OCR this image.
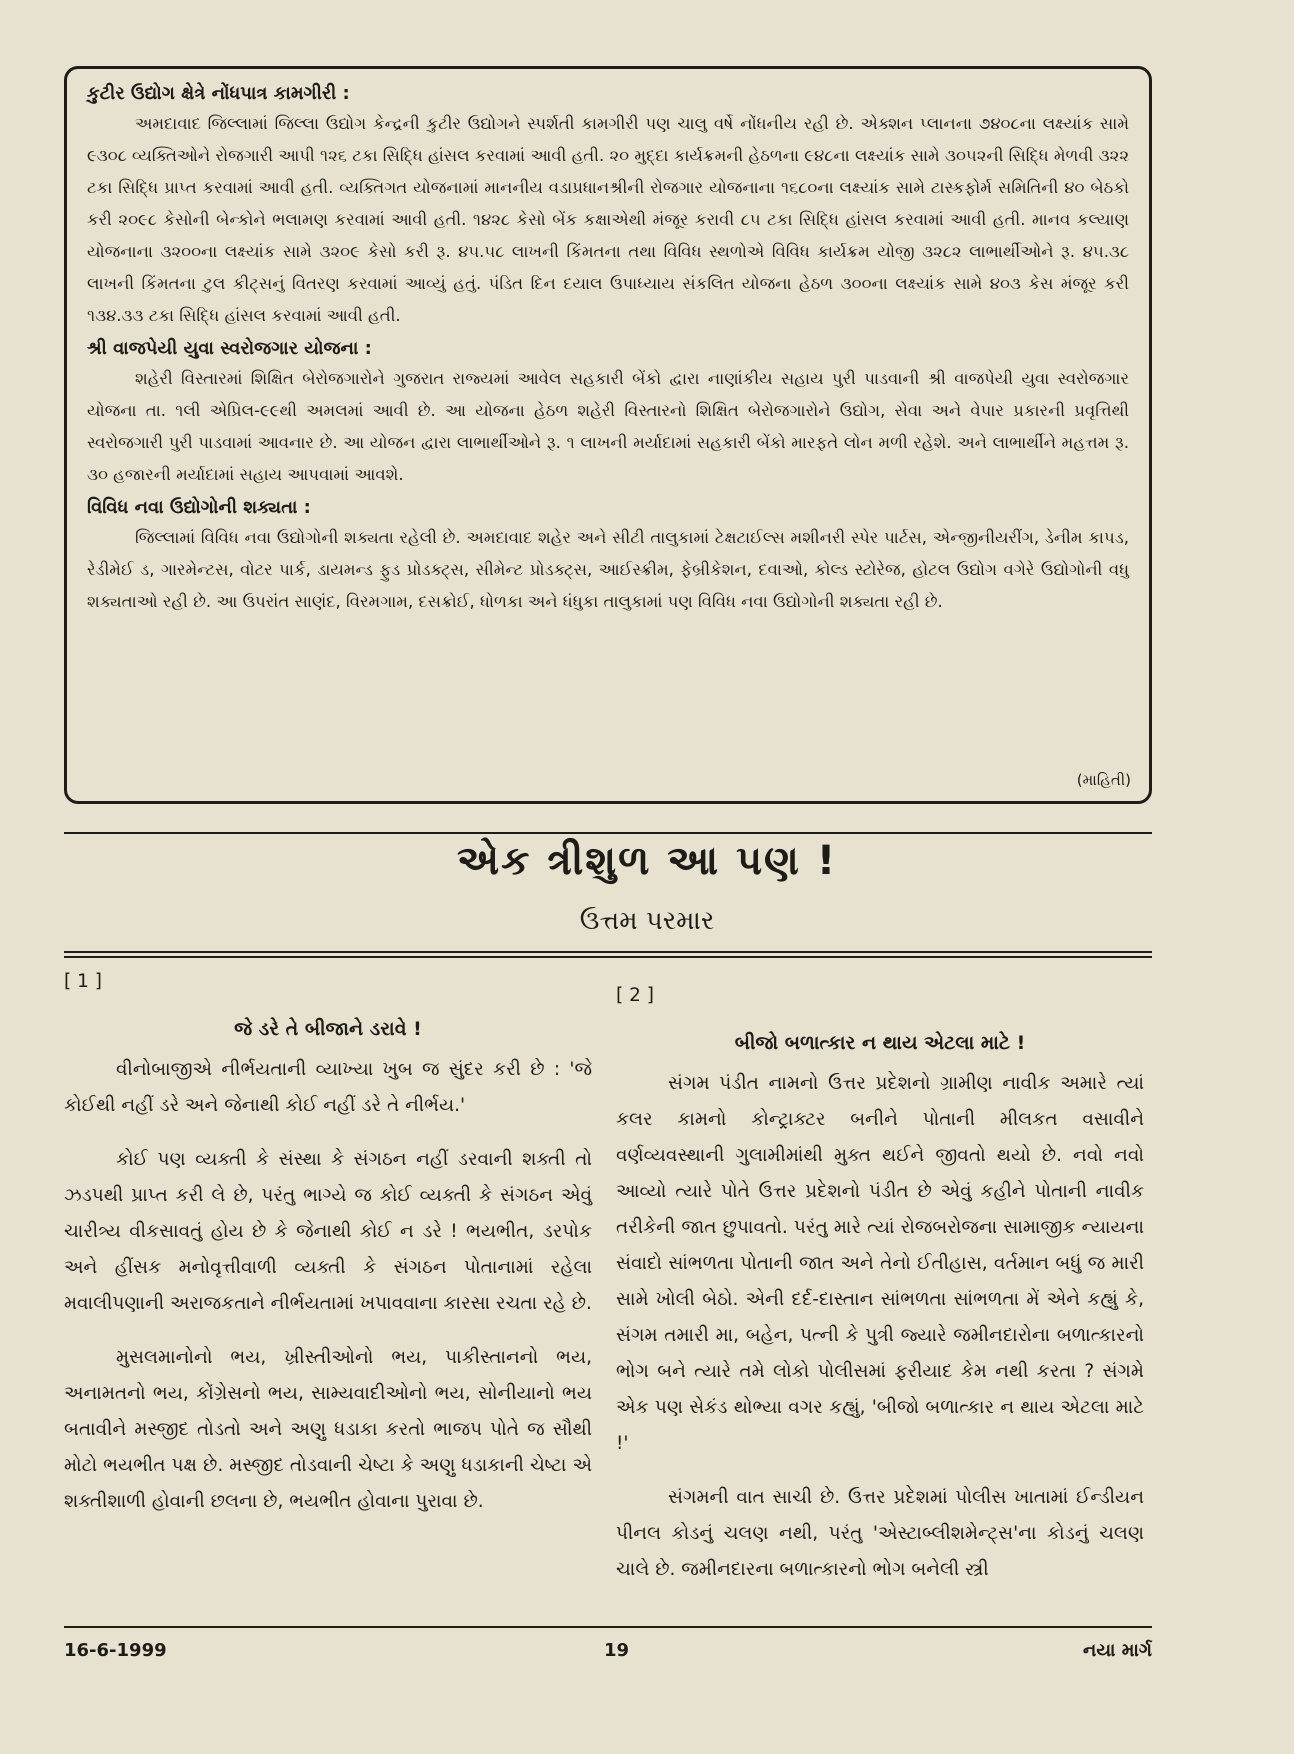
કુટીર ઉદ્યોગ ક્ષેત્રે નોંધપાત્ર કામગીરી :

અમદાવાદ જિલ્લામાં જિલ્લા ઉદ્યોગ કેન્દ્રની કુટીર ઉદ્યોગને સ્પર્શતી કામગીરી પણ ચાલુ વર્ષે નોંધનીય રહી છે. એક્શન પ્લાનના ૭૪૦૮ના લક્ષ્યાંક સામે ૯૩૦૮ વ્યક્તિઓને રોજગારી આપી ૧૨૬ ટકા સિદ્ધિ હાંસલ કરવામાં આવી હતી. ૨૦ મુદ્દા કાર્યક્રમની હેઠળના ૯૪૮ના લક્ષ્યાંક સામે ૩૦૫૨ની સિદ્ધિ મેળવી ૩૨૨ ટકા સિદ્ધિ પ્રાપ્ત કરવામાં આવી હતી. વ્યક્તિગત યોજનામાં માનનીય વડાપ્રધાનશ્રીની રોજગાર યોજનાના ૧૬૮૦ના લક્ષ્યાંક સામે ટાસ્કફોર્મ સમિતિની ૪૦ બેઠકો કરી ૨૦૯૮ કેસોની બેન્કોને ભલામણ કરવામાં આવી હતી. ૧૪૨૮ કેસો બેંક કક્ષાએથી મંજૂર કરાવી ૮૫ ટકા સિદ્ધિ હાંસલ કરવામાં આવી હતી. માનવ કલ્યાણ યોજનાના ૩૨૦૦ના લક્ષ્યાંક સામે ૩૨૦૯ કેસો કરી રૂ. ૪૫.૫૮ લાખની કિંમતના તથા વિવિધ સ્થળોએ વિવિધ કાર્યક્રમ યોજી ૩૨૮૨ લાભાર્થીઓને રૂ. ૪૫.૩૮ લાખની કિંમતના ટુલ કીટ્સનું વિતરણ કરવામાં આવ્યું હતું. પંડિત દિન દયાલ ઉપાધ્યાય સંકલિત યોજના હેઠળ ૩૦૦ના લક્ષ્યાંક સામે ૪૦૩ કેસ મંજૂર કરી ૧૩૪.૩૩ ટકા સિદ્ધિ હાંસલ કરવામાં આવી હતી.

શ્રી વાજપેયી યુવા સ્વરોજગાર યોજના :

શહેરી વિસ્તારમાં શિક્ષિત બેરોજગારોને ગુજરાત રાજ્યમાં આવેલ સહકારી બેંકો દ્વારા નાણાંકીય સહાય પુરી પાડવાની શ્રી વાજપેયી યુવા સ્વરોજગાર યોજના તા. ૧લી એપ્રિલ-૯૯થી અમલમાં આવી છે. આ યોજના હેઠળ શહેરી વિસ્તારનો શિક્ષિત બેરોજગારોને ઉદ્યોગ, સેવા અને વેપાર પ્રકારની પ્રવૃત્તિથી સ્વરોજગારી પુરી પાડવામાં આવનાર છે. આ યોજન દ્વારા લાભાર્થીઓને રૂ. ૧ લાખની મર્યાદામાં સહકારી બેંકો મારફતે લોન મળી રહેશે. અને લાભાર્થીને મહત્તમ રૂ. ૩૦ હજારની મર્યાદામાં સહાય આપવામાં આવશે.

વિવિધ નવા ઉદ્યોગોની શક્યતા :

જિલ્લામાં વિવિધ નવા ઉદ્યોગોની શક્યતા રહેલી છે. અમદાવાદ શહેર અને સીટી તાલુકામાં ટેક્ષટાઈલ્સ મશીનરી સ્પેર પાર્ટસ, એન્જીનીયરીંગ, ડેનીમ કાપડ, રેડીમેઈ ડ, ગારમેન્ટસ, વોટર પાર્ક, ડાયમન્ડ ફુડ પ્રોડક્ટ્સ, સીમેન્ટ પ્રોડક્ટ્સ, આઈસ્ક્રીમ, ફેબ્રીકેશન, દવાઓ, કોલ્ડ સ્ટોરેજ, હોટલ ઉદ્યોગ વગેરે ઉદ્યોગોની વધુ શક્યતાઓ રહી છે. આ ઉપરાંત સાણંદ, વિરમગામ, દસક્રોઈ, ધોળકા અને ધંધુકા તાલુકામાં પણ વિવિધ નવા ઉદ્યોગોની શક્યતા રહી છે.

(માહિતી)
એક ત્રીશુળ આ પણ !
ઉત્તમ પરમાર

[ 1 ]

જે ડરે તે બીજાને ડરાવે !

વીનોબાજીએ નીર્ભયતાની વ્યાખ્યા ખુબ જ સુંદર કરી છે : 'જે કોઈથી નહીં ડરે અને જેનાથી કોઈ નહીં ડરે તે નીર્ભય.'

કોઈ પણ વ્યક્તી કે સંસ્થા કે સંગઠન નહીં ડરવાની શક્તી તો ઝડપથી પ્રાપ્ત કરી લે છે, પરંતુ ભાગ્યે જ કોઈ વ્યક્તી કે સંગઠન એવું ચારીત્ર્ય વીકસાવતું હોય છે કે જેનાથી કોઈ ન ડરે ! ભયભીત, ડરપોક અને હીંસક મનોવૃત્તીવાળી વ્યક્તી કે સંગઠન પોતાનામાં રહેલા મવાલીપણાની અરાજકતાને નીર્ભયતામાં ખપાવવાના કારસા રચતા રહે છે.

મુસલમાનોનો ભય, ખ્રીસ્તીઓનો ભય, પાકીસ્તાનનો ભય, અનામતનો ભય, કોંગ્રેસનો ભય, સામ્યવાદીઓનો ભય, સોનીયાનો ભય બતાવીને મસ્જીદ તોડતો અને અણુ ધડાકા કરતો ભાજપ પોતે જ સૌથી મોટો ભયભીત પક્ષ છે. મસ્જીદ તોડવાની ચેષ્ટા કે અણુ ધડાકાની ચેષ્ટા એ શક્તીશાળી હોવાની છલના છે, ભયભીત હોવાના પુરાવા છે.

[ 2 ]

બીજો બળાત્કાર ન થાય એટલા માટે !

સંગમ પંડીત નામનો ઉત્તર પ્રદેશનો ગ્રામીણ નાવીક અમારે ત્યાં કલર કામનો કોન્ટ્રાક્ટર બનીને પોતાની મીલકત વસાવીને વર્ણવ્યવસ્થાની ગુલામીમાંથી મુક્ત થઈને જીવતો થયો છે. નવો નવો આવ્યો ત્યારે પોતે ઉત્તર પ્રદેશનો પંડીત છે એવું કહીને પોતાની નાવીક તરીકેની જાત છુપાવતો. પરંતુ મારે ત્યાં રોજબરોજના સામાજીક ન્યાયના સંવાદો સાંભળતા પોતાની જાત અને તેનો ઈતીહાસ, વર્તમાન બધું જ મારી સામે ખોલી બેઠો. એની દર્દ-દાસ્તાન સાંભળતા સાંભળતા મેં એને કહ્યું કે, સંગમ તમારી મા, બહેન, પત્ની કે પુત્રી જ્યારે જમીનદારોના બળાત્કારનો ભોગ બને ત્યારે તમે લોકો પોલીસમાં ફરીયાદ કેમ નથી કરતા ? સંગમે એક પણ સેકંડ થોભ્યા વગર કહ્યું, 'બીજો બળાત્કાર ન થાય એટલા માટે !'

સંગમની વાત સાચી છે. ઉત્તર પ્રદેશમાં પોલીસ ખાતામાં ઈન્ડીયન પીનલ કોડનું ચલણ નથી, પરંતુ 'એસ્ટાબ્લીશમેન્ટ્સ'ના કોડનું ચલણ ચાલે છે. જમીનદારના બળાત્કારનો ભોગ બનેલી સ્ત્રી

16-6-1999	19	નયા માર્ગ
